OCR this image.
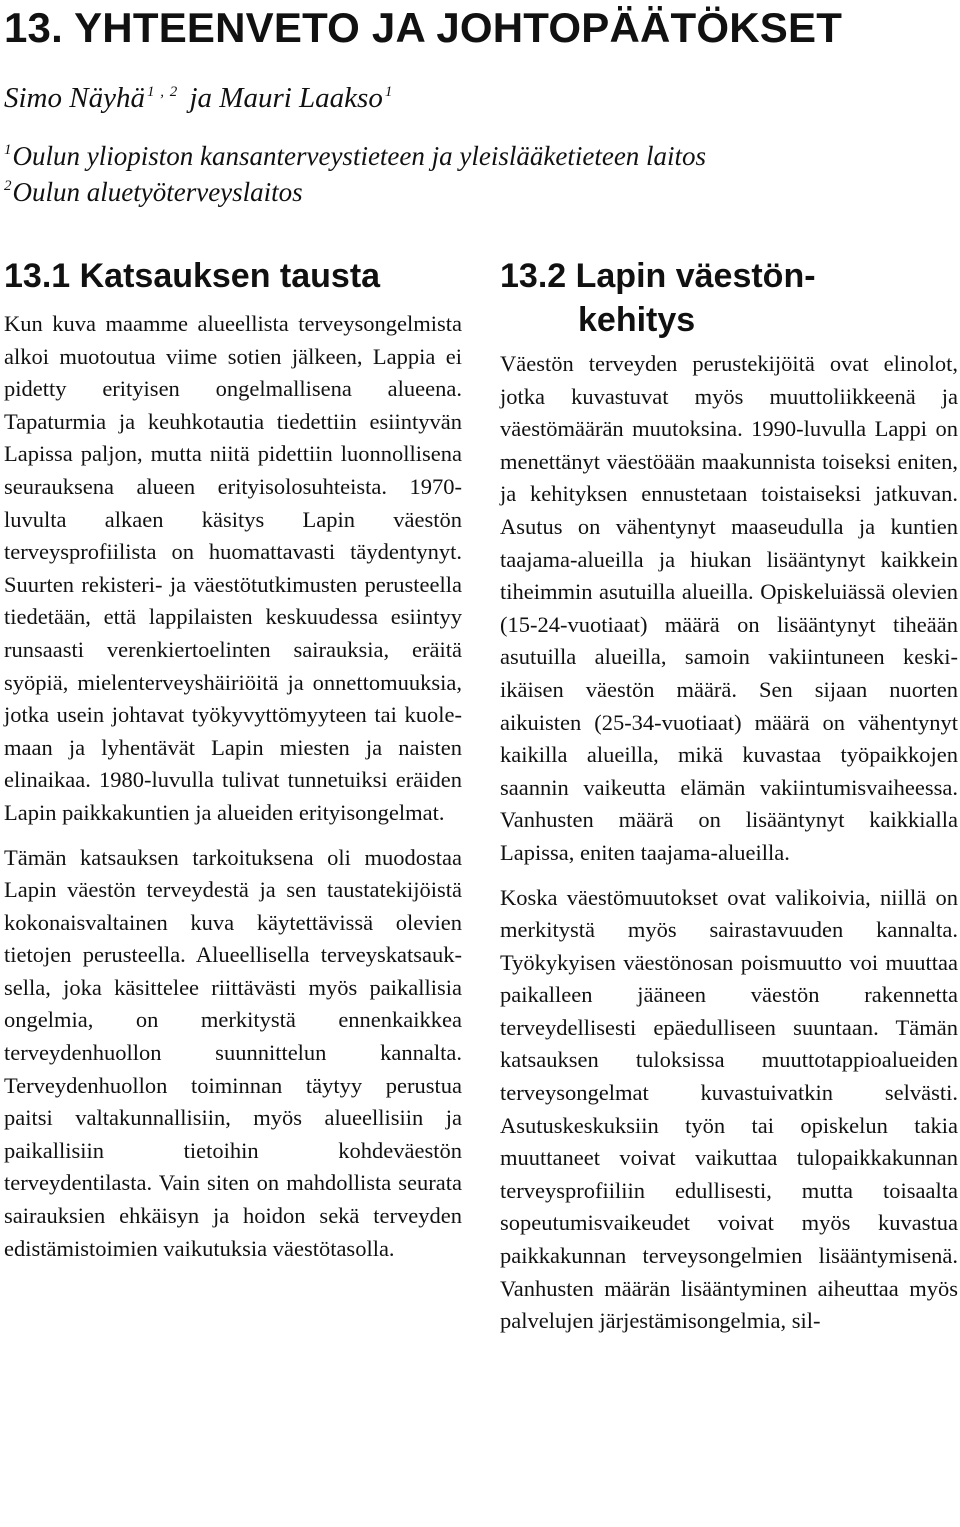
13. YHTEENVETO JA JOHTOPÄÄTÖKSET
Simo Näyhä $^{1 , 2}$ ja Mauri Laakso $^1$
$^1$Oulun yliopiston kansanterveystieteen ja yleislääketieteen laitos
$^2$Oulun aluetyöterveyslaitos
13.1 Katsauksen tausta

Kun kuva maamme alueellista terveysongelmista alkoi muotoutua viime sotien jälkeen, Lappia ei pidetty erityisen ongelmallisena alueena. Tapaturmia ja keuhkotautia tiedettiin esiintyvän Lapissa paljon, mutta niitä pidettiin luonnollisena seurauksena alueen erityisolosuhteista. 1970-luvulta alkaen käsitys Lapin väestön terveysprofiilista on huomattavasti täydentynyt. Suurten rekisteri- ja väestötutkimusten perusteella tiedetään, että lappilaisten keskuudessa esiintyy runsaasti verenkiertoelinten sairauksia, eräitä syöpiä, mielenterveyshäiriöitä ja onnettomuuksia, jotka usein johtavat työkyvyttömyyteen tai kuolemaan ja lyhentävät Lapin miesten ja naisten elinaikaa. 1980-luvulla tulivat tunnetuiksi eräiden Lapin paikkakuntien ja alueiden erityisongelmat.

Tämän katsauksen tarkoituksena oli muodostaa Lapin väestön terveydestä ja sen taustatekijöistä kokonaisvaltainen kuva käytettävissä olevien tietojen perusteella. Alueellisella terveyskatsauksella, joka käsittelee riittävästi myös paikallisia ongelmia, on merkitystä ennenkaikkea terveydenhuollon suunnittelun kannalta. Terveydenhuollon toiminnan täytyy perustua paitsi valtakunnallisiin, myös alueellisiin ja paikallisiin tietoihin kohdeväestön terveydentilasta. Vain siten on mahdollista seurata sairauksien ehkäisyn ja hoidon sekä terveyden edistämistoimien vaikutuksia väestötasolla.

13.2 Lapin väestön-
kehitys

Väestön terveyden perustekijöitä ovat elinolot, jotka kuvastuvat myös muuttoliikkeenä ja väestömäärän muutoksina. 1990-luvulla Lappi on menettänyt väestöään maakunnista toiseksi eniten, ja kehityksen ennustetaan toistaiseksi jatkuvan. Asutus on vähentynyt maaseudulla ja kuntien taajama-alueilla ja hiukan lisääntynyt kaikkein tiheimmin asutuilla alueilla. Opiskeluiässä olevien (15-24-vuotiaat) määrä on lisääntynyt tiheään asutuilla alueilla, samoin vakiintuneen keski-ikäisen väestön määrä. Sen sijaan nuorten aikuisten (25-34-vuotiaat) määrä on vähentynyt kaikilla alueilla, mikä kuvastaa työpaikkojen saannin vaikeutta elämän vakiintumisvaiheessa. Vanhusten määrä on lisääntynyt kaikkialla Lapissa, eniten taajama-alueilla.

Koska väestömuutokset ovat valikoivia, niillä on merkitystä myös sairastavuuden kannalta. Työkykyisen väestönosan poismuutto voi muuttaa paikalleen jääneen väestön rakennetta terveydellisesti epäedulliseen suuntaan. Tämän katsauksen tuloksissa muuttotappioalueiden terveysongelmat kuvastuivatkin selvästi. Asutuskeskuksiin työn tai opiskelun takia muuttaneet voivat vaikuttaa tulopaikkakunnan terveysprofiiliin edullisesti, mutta toisaalta sopeutumisvaikeudet voivat myös kuvastua paikkakunnan terveysongelmien lisääntymisenä. Vanhusten määrän lisääntyminen aiheuttaa myös palvelujen järjestämisongelmia, sil-
